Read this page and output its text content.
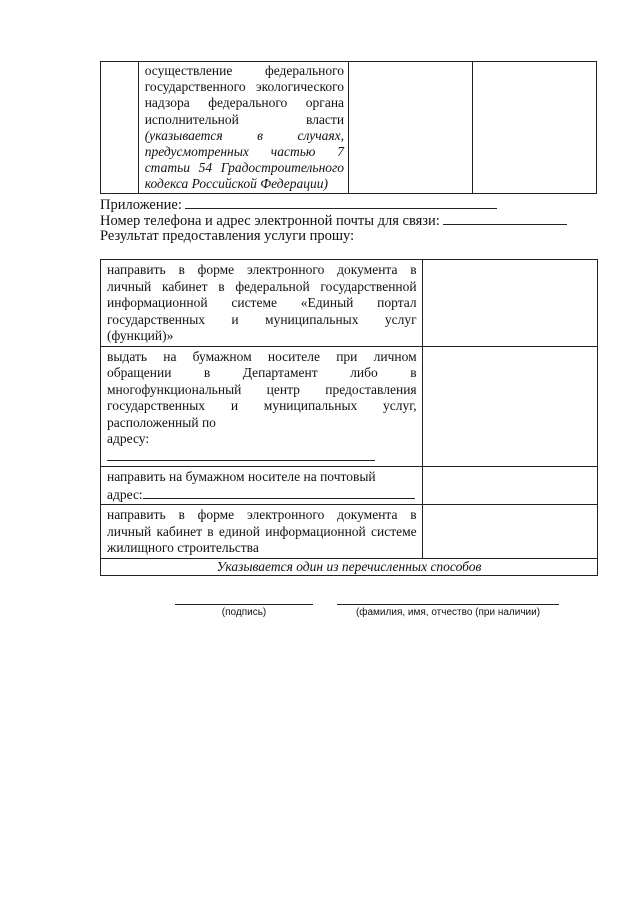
осуществление федерального государственного экологического надзора федерального органа исполнительной власти (указывается в случаях, предусмотренных частью 7 статьи 54 Градостроительного кодекса Российской Федерации)

Приложение:
Номер телефона и адрес электронной почты для связи:
Результат предоставления услуги прошу:
направить в форме электронного документа в личный кабинет в федеральной государственной информационной системе «Единый портал государственных и муниципальных услуг (функций)»	
выдать на бумажном носителе при личном обращении в Департамент либо в многофункциональный центр предоставления государственных и муниципальных услуг, расположенный по
адресу:	
направить на бумажном носителе на почтовый
адрес:	
направить в форме электронного документа в личный кабинет в единой информационной системе жилищного строительства	
Указывается один из перечисленных способов	
(подпись)	(фамилия, имя, отчество (при наличии)
